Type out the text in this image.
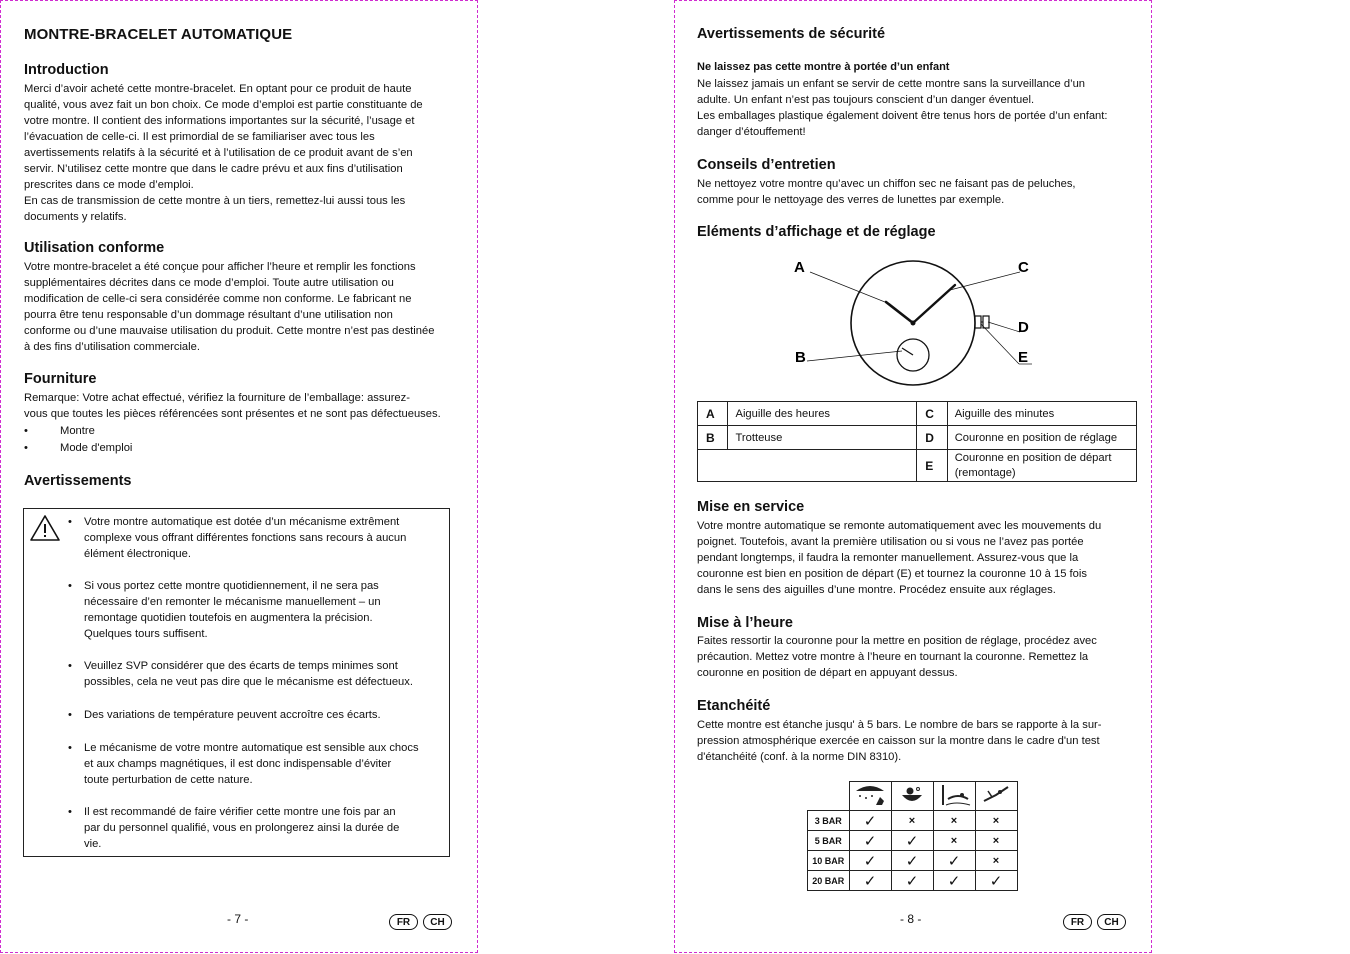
MONTRE-BRACELET AUTOMATIQUE
Introduction
Merci d’avoir acheté cette montre-bracelet. En optant pour ce produit de haute
qualité, vous avez fait un bon choix. Ce mode d’emploi est partie constituante de
votre montre. Il contient des informations importantes sur la sécurité, l’usage et
l’évacuation de celle-ci. Il est primordial de se familiariser avec tous les
avertissements relatifs à la sécurité et à l’utilisation de ce produit avant de s’en
servir. N’utilisez cette montre que dans le cadre prévu et aux fins d’utilisation
prescrites dans ce mode d’emploi.
En cas de transmission de cette montre à un tiers, remettez-lui aussi tous les
documents y relatifs.
Utilisation conforme
Votre montre-bracelet a été conçue pour afficher l’heure et remplir les fonctions
supplémentaires décrites dans ce mode d’emploi. Toute autre utilisation ou
modification de celle-ci sera considérée comme non conforme. Le fabricant ne
pourra être tenu responsable d’un dommage résultant d’une utilisation non
conforme ou d’une mauvaise utilisation du produit. Cette montre n’est pas destinée
à des fins d’utilisation commerciale.
Fourniture
Remarque: Votre achat effectué, vérifiez la fourniture de l’emballage: assurez-
vous que toutes les pièces référencées sont présentes et ne sont pas défectueuses.
•	Montre
•	Mode d'emploi
Avertissements
• Votre montre automatique est dotée d’un mécanisme extrêment
complexe vous offrant différentes fonctions sans recours à aucun
élément électronique.
• Si vous portez cette montre quotidiennement, il ne sera pas
nécessaire d’en remonter le mécanisme manuellement – un
remontage quotidien toutefois en augmentera la précision.
Quelques tours suffisent.
• Veuillez SVP considérer que des écarts de temps minimes sont
possibles, cela ne veut pas dire que le mécanisme est défectueux.
• Des variations de température peuvent accroître ces écarts.
• Le mécanisme de votre montre automatique est sensible aux chocs
et aux champs magnétiques, il est donc indispensable d’éviter
toute perturbation de cette nature.
• Il est recommandé de faire vérifier cette montre une fois par an
par du personnel qualifié, vous en prolongerez ainsi la durée de
vie.
- 7 -	FR	CH
Avertissements de sécurité
Ne laissez pas cette montre à portée d’un enfant
Ne laissez jamais un enfant se servir de cette montre sans la surveillance d’un
adulte. Un enfant n’est pas toujours conscient d’un danger éventuel.
Les emballages plastique également doivent être tenus hors de portée d’un enfant:
danger d’étouffement!
Conseils d’entretien
Ne nettoyez votre montre qu’avec un chiffon sec ne faisant pas de peluches,
comme pour le nettoyage des verres de lunettes par exemple.
Eléments d’affichage et de réglage
A
B
C
D
E
A	Aiguille des heures	C	Aiguille des minutes
B	Trotteuse	D	Couronne en position de réglage
		E	Couronne en position de départ
(remontage)
Mise en service
Votre montre automatique se remonte automatiquement avec les mouvements du
poignet. Toutefois, avant la première utilisation ou si vous ne l’avez pas portée
pendant longtemps, il faudra la remonter manuellement. Assurez-vous que la
couronne est bien en position de départ (E) et tournez la couronne 10 à 15 fois
dans le sens des aiguilles d’une montre. Procédez ensuite aux réglages.
Mise à l’heure
Faites ressortir la couronne pour la mettre en position de réglage, procédez avec
précaution. Mettez votre montre à l’heure en tournant la couronne. Remettez la
couronne en position de départ en appuyant dessus.
Etanchéité
Cette montre est étanche jusqu' à 5 bars. Le nombre de bars se rapporte à la sur-
pression atmosphérique exercée en caisson sur la montre dans le cadre d'un test
d'étanchéité (conf. à la norme DIN 8310).

3 BAR	✓	×	×	×
5 BAR	✓	✓	×	×
10 BAR	✓	✓	✓	×
20 BAR	✓	✓	✓	✓
- 8 -	FR	CH
